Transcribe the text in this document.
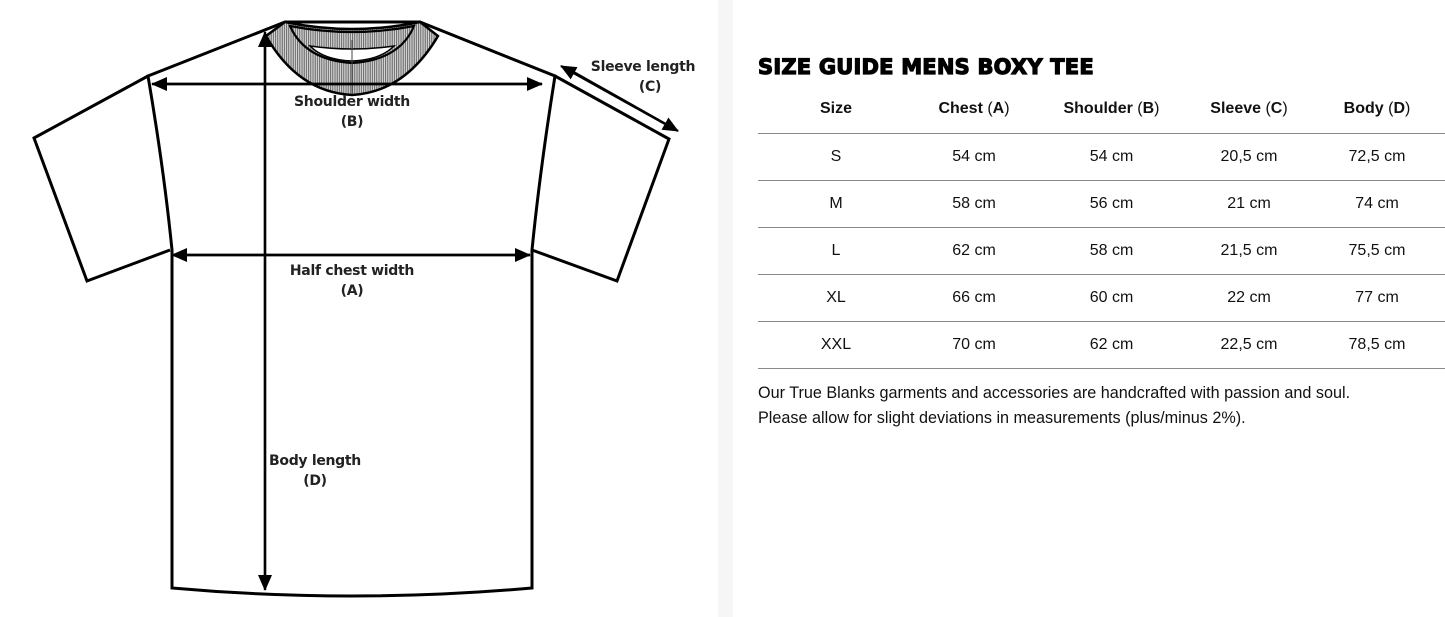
Shoulder width
(B)
Sleeve length
(C)
Half chest width
(A)
Body length
(D)
SIZE GUIDE MENS BOXY TEE
Size	Chest (A)	Shoulder (B)	Sleeve (C)	Body (D)
S	54 cm	54 cm	20,5 cm	72,5 cm
M	58 cm	56 cm	21 cm	74 cm
L	62 cm	58 cm	21,5 cm	75,5 cm
XL	66 cm	60 cm	22 cm	77 cm
XXL	70 cm	62 cm	22,5 cm	78,5 cm
Our True Blanks garments and accessories are handcrafted with passion and soul.
Please allow for slight deviations in measurements (plus/minus 2%).
